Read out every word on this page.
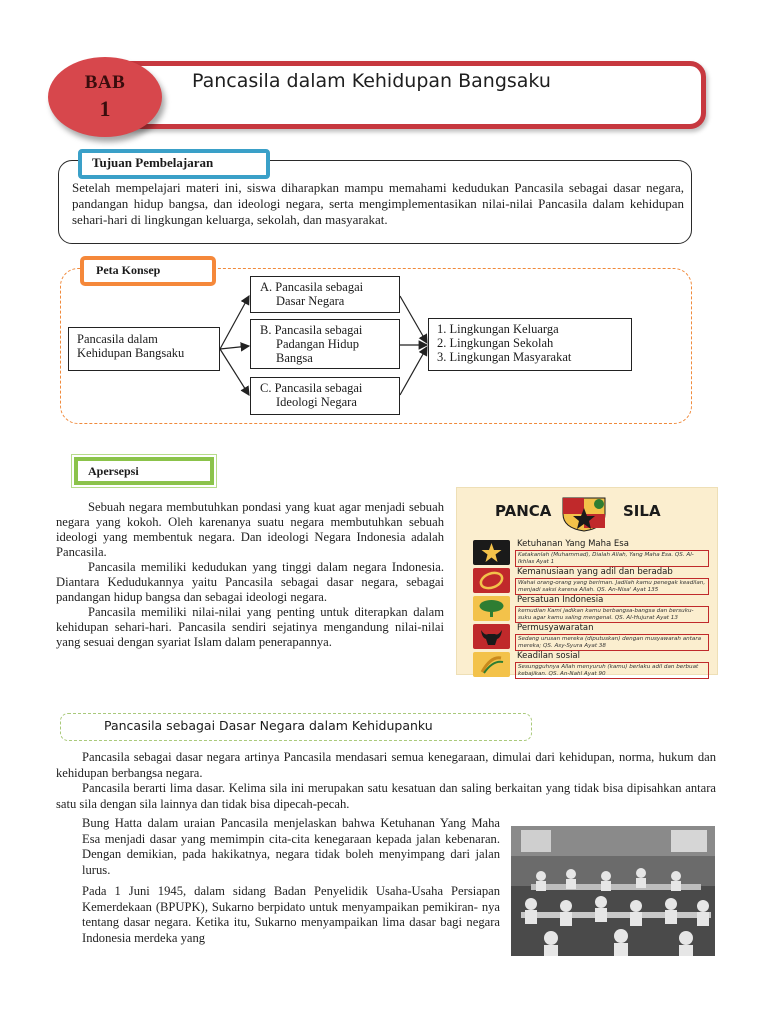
Pancasila dalam Kehidupan Bangsaku
BAB
1
Tujuan Pembelajaran
Setelah mempelajari materi ini, siswa diharapkan mampu memahami kedudukan Pancasila sebagai dasar negara, pandangan hidup bangsa, dan ideologi negara, serta mengimplementasikan nilai-nilai Pancasila dalam kehidupan sehari-hari di lingkungan keluarga, sekolah, dan masyarakat.
Peta Konsep
Pancasila dalam
Kehidupan Bangsaku
A. Pancasila sebagai
Dasar Negara
B. Pancasila sebagai
Padangan Hidup
Bangsa
C. Pancasila sebagai
Ideologi Negara
1. Lingkungan Keluarga
2. Lingkungan Sekolah
3. Lingkungan Masyarakat
Apersepsi

Sebuah negara membutuhkan pondasi yang kuat agar menjadi sebuah negara yang kokoh. Oleh karenanya suatu negara membutuhkan sebuah ideologi yang membentuk negara. Dan ideologi Negara Indonesia adalah Pancasila.

Pancasila memiliki kedudukan yang tinggi dalam negara Indonesia. Diantara Kedudukannya yaitu Pancasila sebagai dasar negara, sebagai pandangan hidup bangsa dan sebagai ideologi negara.

Pancasila memiliki nilai-nilai yang penting untuk diterapkan dalam kehidupan sehari-hari. Pancasila sendiri sejatinya mengandung nilai-nilai yang sesuai dengan syariat Islam dalam penerapannya.

PANCA	SILA
Ketuhanan Yang Maha Esa
Katakanlah (Muhammad), Dialah Allah, Yang Maha Esa. QS. Al-Ikhlas Ayat 1
Kemanusiaan yang adil dan beradab
Wahai orang-orang yang beriman. Jadilah kamu penegak keadilan, menjadi saksi karena Allah. QS. An-Nisa' Ayat 135
Persatuan Indonesia
kemudian Kami jadikan kamu berbangsa-bangsa dan bersuku-suku agar kamu saling mengenal. QS. Al-Hujurat Ayat 13
Permusyawaratan
Sedang urusan mereka (diputuskan) dengan musyawarah antara mereka; QS. Asy-Syura Ayat 38
Keadilan sosial
Sesungguhnya Allah menyuruh (kamu) berlaku adil dan berbuat kebajikan. QS. An-Nahl Ayat 90
Pancasila sebagai Dasar Negara dalam Kehidupanku

Pancasila sebagai dasar negara artinya Pancasila mendasari semua kenegaraan, dimulai dari kehidupan, norma, hukum dan kehidupan berbangsa negara.

Pancasila berarti lima dasar. Kelima sila ini merupakan satu kesatuan dan saling berkaitan yang tidak bisa dipisahkan antara satu sila dengan sila lainnya dan tidak bisa dipecah-pecah.

Bung Hatta dalam uraian Pancasila menjelaskan bahwa Ketuhanan Yang Maha Esa menjadi dasar yang memimpin cita-cita kenegaraan kepada jalan kebenaran. Dengan demikian, pada hakikatnya, negara tidak boleh menyimpang dari jalan lurus.

Pada 1 Juni 1945, dalam sidang Badan Penyelidik Usaha-Usaha Persiapan Kemerdekaan (BPUPK), Sukarno berpidato untuk menyampaikan pemikiran- nya tentang dasar negara. Ketika itu, Sukarno menyampaikan lima dasar bagi negara Indonesia merdeka yang
